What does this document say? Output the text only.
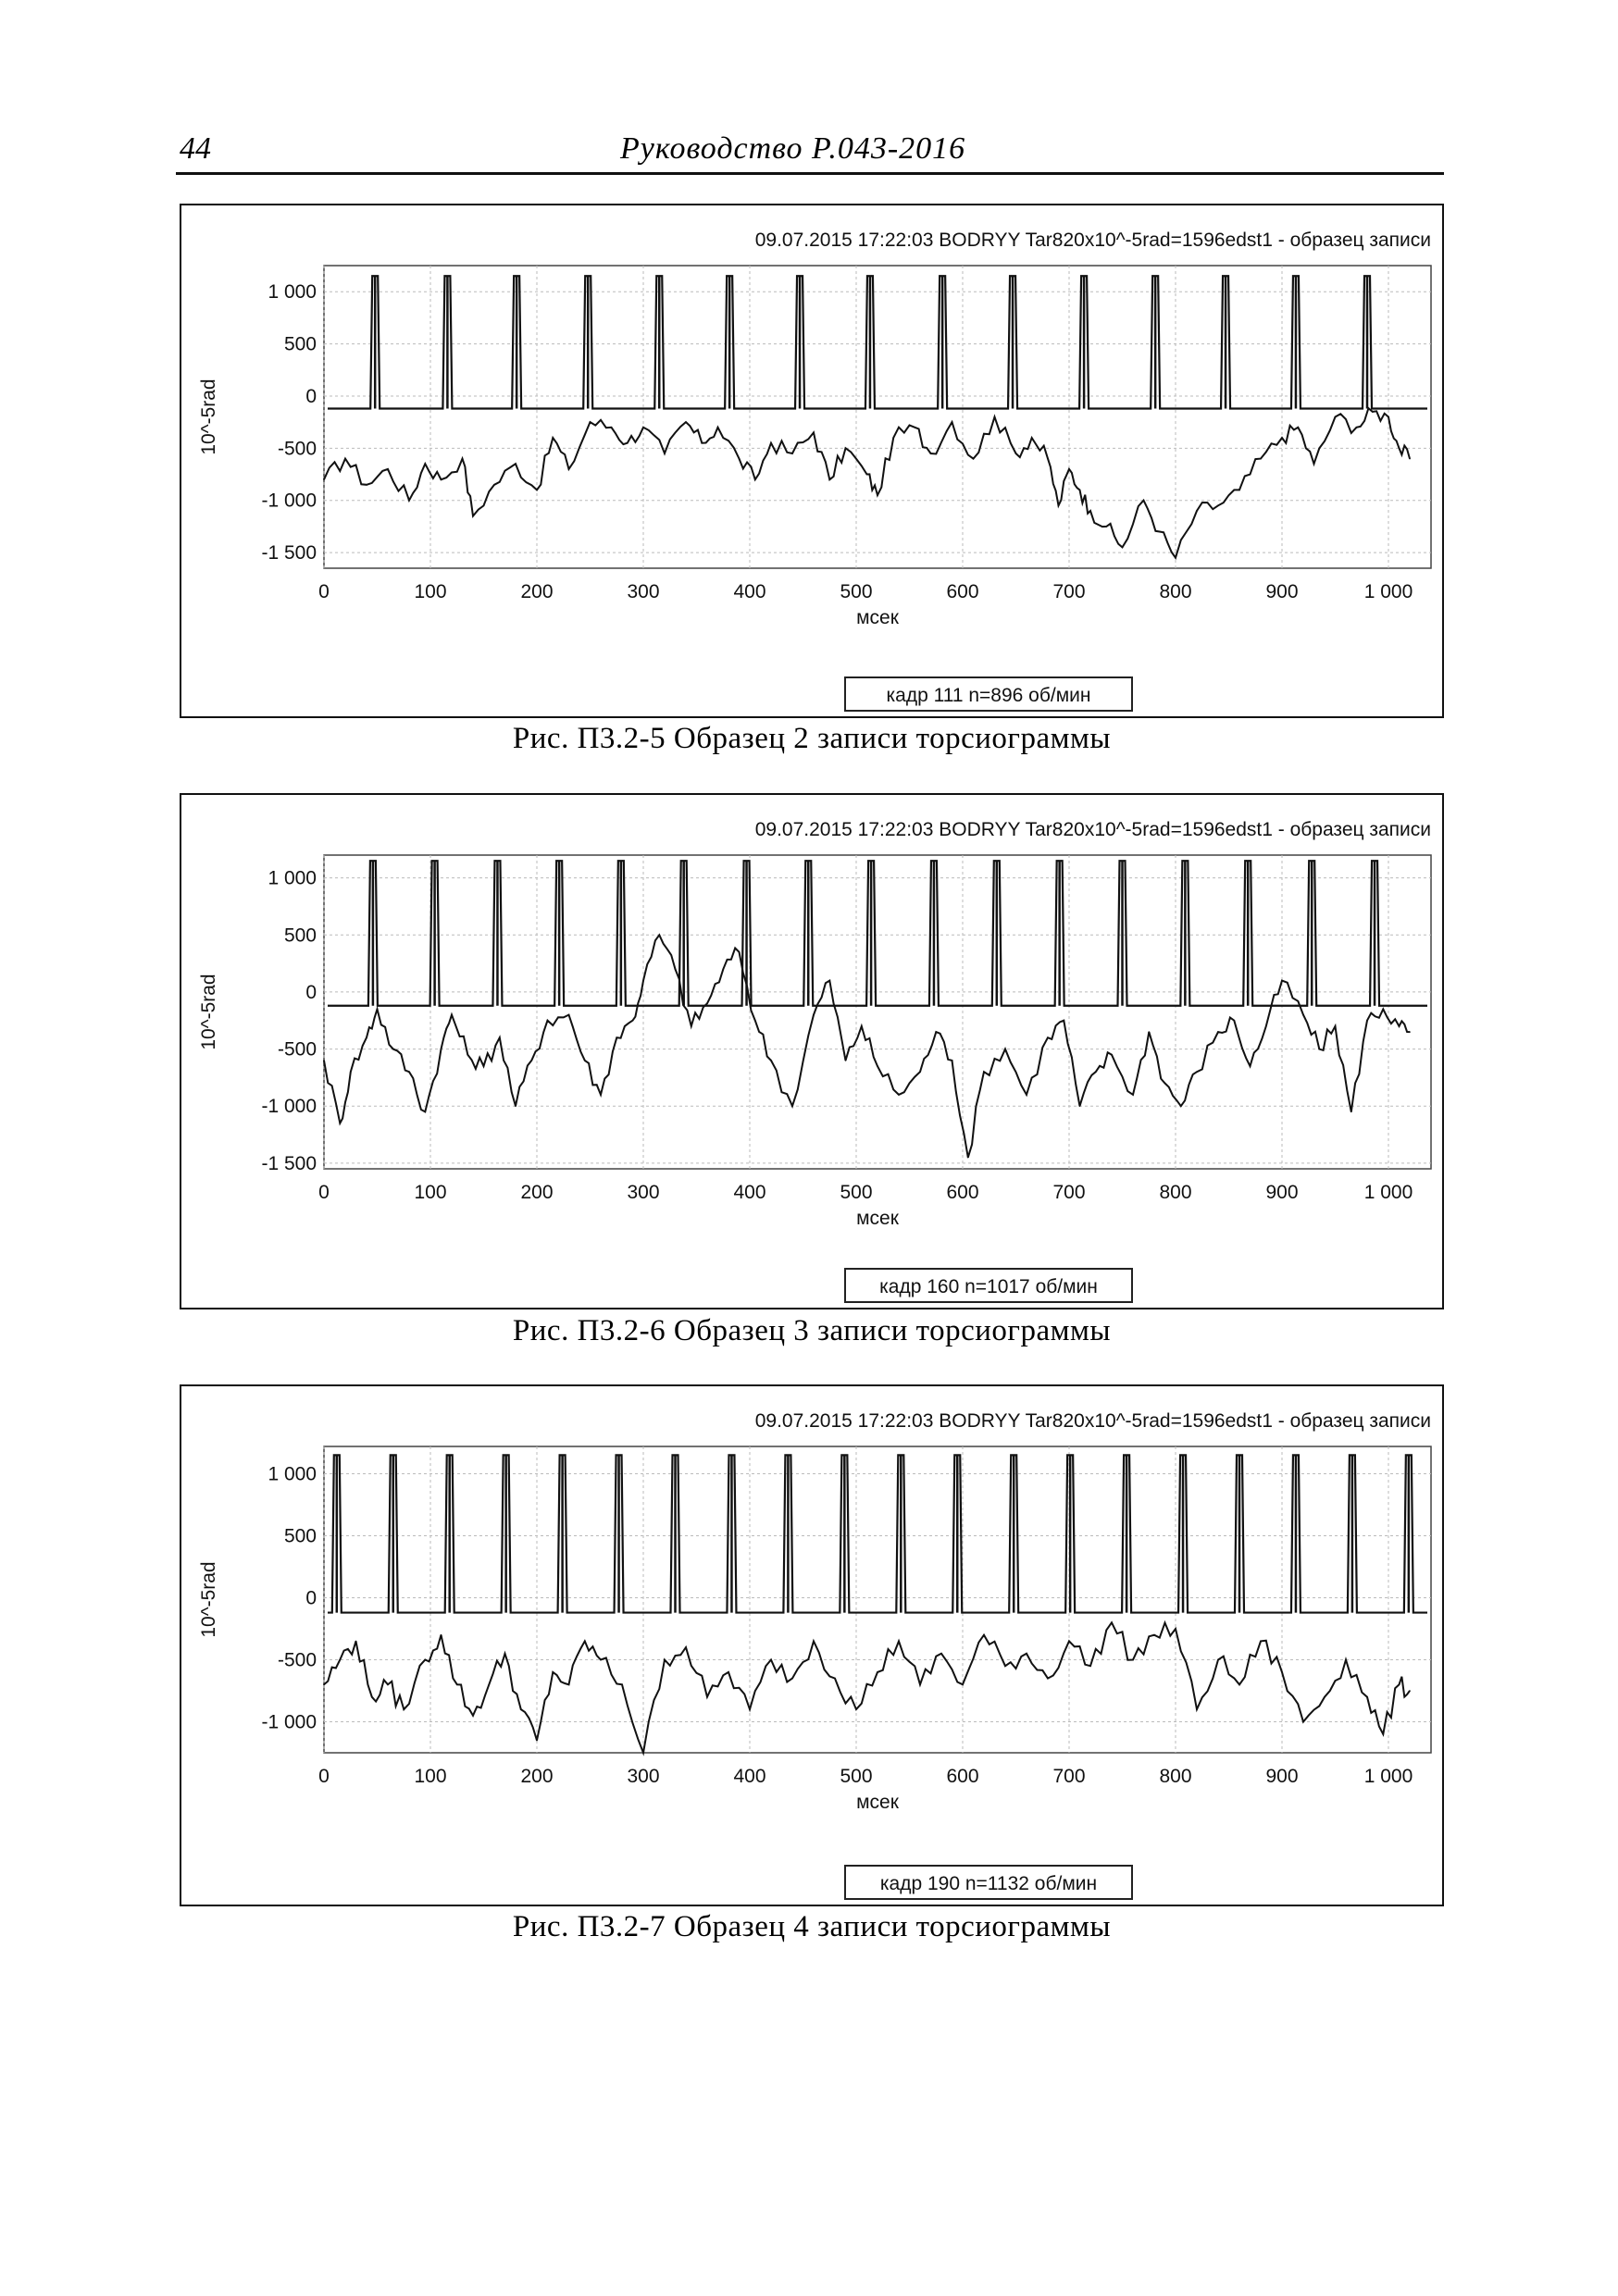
44	Руководство Р.043-2016
09.07.2015 17:22:03 BODRYY Tar820x10^-5rad=1596edst1 - образец записи
1 000
500
0
-500
-1 000
-1 500
0	100	200	300	400	500	600	700	800	900	1 000
мсек
10^-5rad
кадр 111 n=896 об/мин
Рис. П3.2-5 Образец 2 записи торсиограммы
09.07.2015 17:22:03 BODRYY Tar820x10^-5rad=1596edst1 - образец записи
1 000
500
0
-500
-1 000
-1 500
0	100	200	300	400	500	600	700	800	900	1 000
мсек
10^-5rad
кадр 160 n=1017 об/мин
Рис. П3.2-6 Образец 3 записи торсиограммы
09.07.2015 17:22:03 BODRYY Tar820x10^-5rad=1596edst1 - образец записи
1 000
500
0
-500
-1 000
0	100	200	300	400	500	600	700	800	900	1 000
мсек
10^-5rad
кадр 190 n=1132 об/мин
Рис. П3.2-7 Образец 4 записи торсиограммы
